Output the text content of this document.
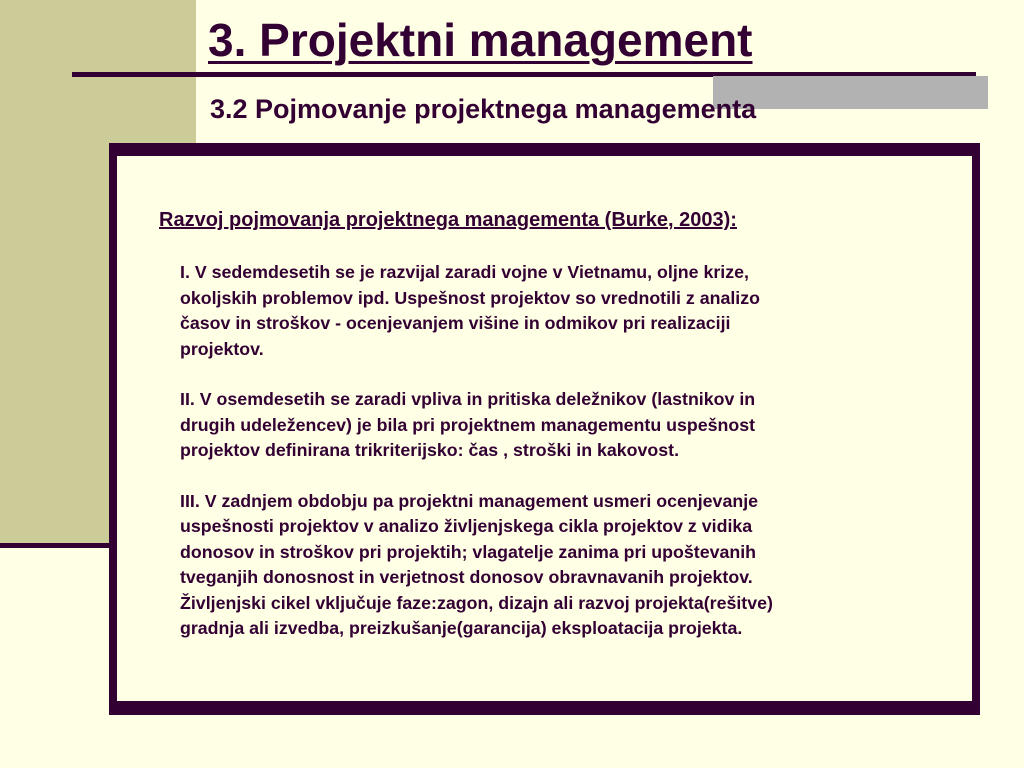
3. Projektni management
3.2 Pojmovanje projektnega managementa
Razvoj pojmovanja projektnega managementa (Burke, 2003):

I. V sedemdesetih se je razvijal zaradi vojne v Vietnamu, oljne krize,
okoljskih problemov ipd. Uspešnost projektov so vrednotili z analizo
časov in stroškov - ocenjevanjem višine in odmikov pri realizaciji
projektov.

II. V osemdesetih se zaradi vpliva in pritiska deležnikov (lastnikov in
drugih udeležencev) je bila pri projektnem managementu uspešnost
projektov definirana trikriterijsko: čas , stroški in kakovost.

III. V zadnjem obdobju pa projektni management usmeri ocenjevanje
uspešnosti projektov v analizo življenjskega cikla projektov z vidika
donosov in stroškov pri projektih; vlagatelje zanima pri upoštevanih
tveganjih donosnost in verjetnost donosov obravnavanih projektov.
Življenjski cikel vključuje faze:zagon, dizajn ali razvoj projekta(rešitve)
gradnja ali izvedba, preizkušanje(garancija) eksploatacija projekta.
